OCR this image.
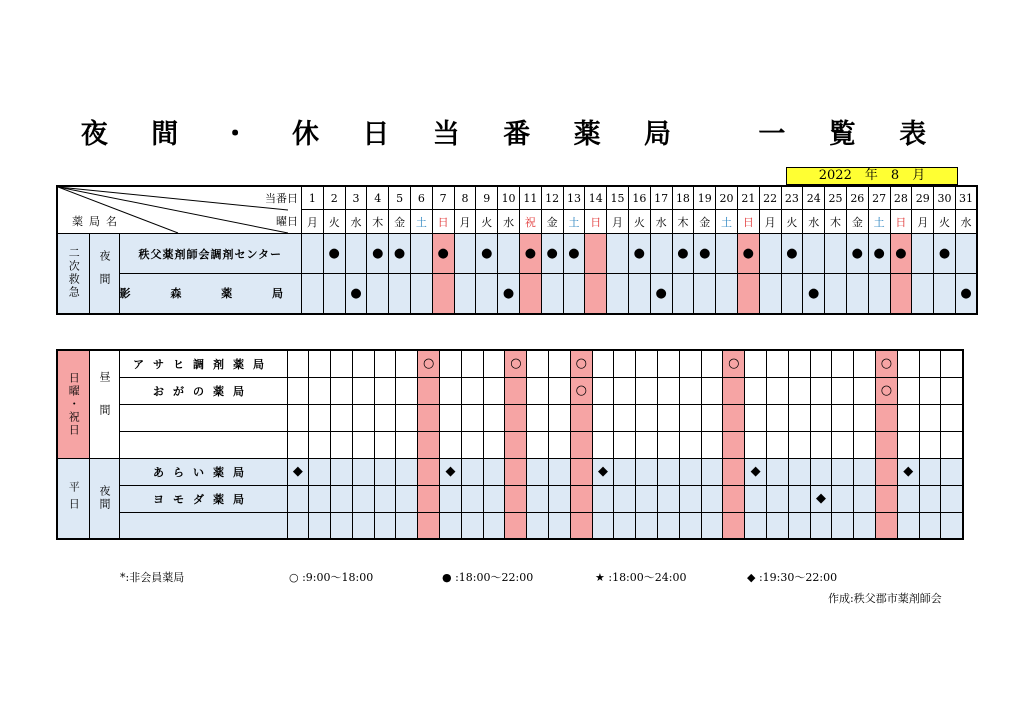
夜 間 ・ 休 日 当 番 薬 局 　一 覧 表
2022　 年　 8　 月
当番日
曜日
薬局名			1	2	3	4	5	6	7	8	9	10	11	12	13	14	15	16	17	18	19	20	21	22	23	24	25	26	27	28	29	30	31
			月	火	水	木	金	土	日	月	火	水	祝	金	土	日	月	火	水	木	金	土	日	月	火	水	木	金	土	日	月	火	水
二次救急	夜間	秩父薬剤師会調剤センター		●		●	●		●		●		●	●	●			●		●	●		●		●			●	●	●		●	
		影 森 薬 局			●							●							●							●							●
日曜・祝日	昼間	アサヒ調剤薬局							○				○			○							○							○			
		おがの薬局														○														○			

平日	夜間	あらい薬局	◆							◆							◆							◆							◆		
		ヨモダ薬局																									◆						

*:非会員薬局	○ :9:00～18:00	● :18:00～22:00	★ :18:00～24:00	◆ :19:30～22:00
作成:秩父郡市薬剤師会
